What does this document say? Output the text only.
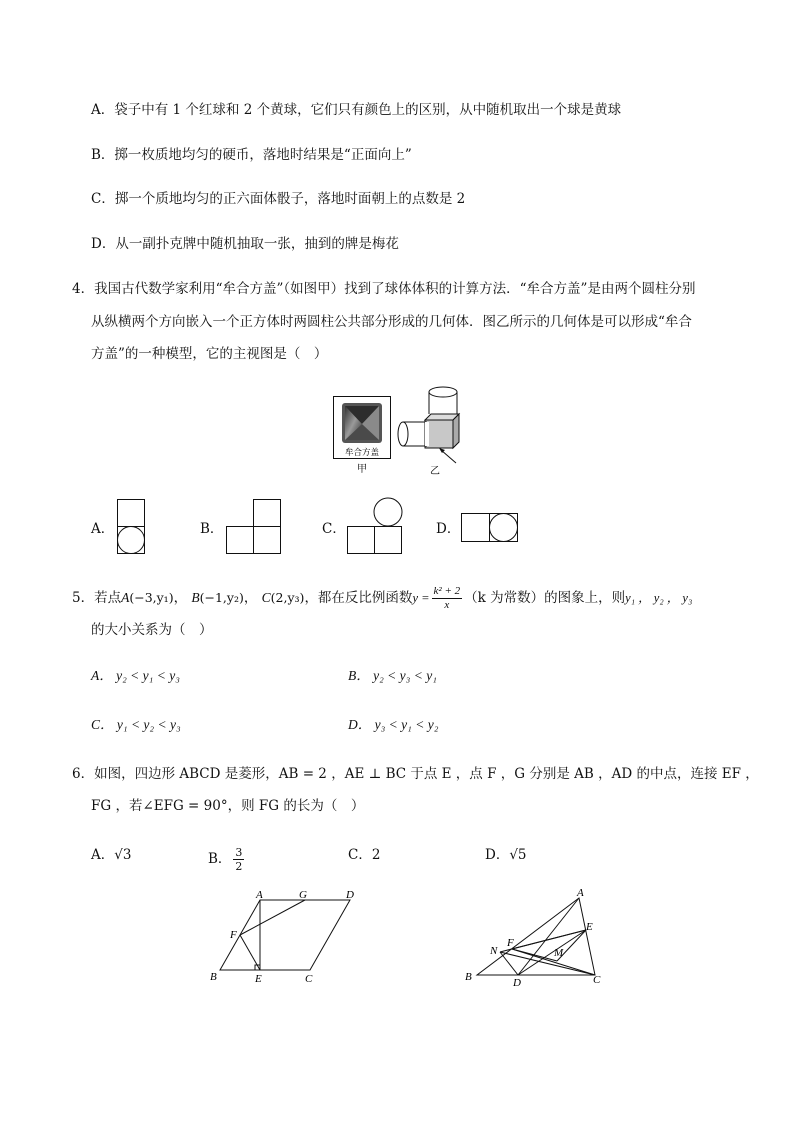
A．袋子中有 1 个红球和 2 个黄球，它们只有颜色上的区别，从中随机取出一个球是黄球
B．掷一枚质地均匀的硬币，落地时结果是“正面向上”
C．掷一个质地均匀的正六面体骰子，落地时面朝上的点数是 2
D．从一副扑克牌中随机抽取一张，抽到的牌是梅花
4．我国古代数学家利用“牟合方盖”（如图甲）找到了球体体积的计算方法．“牟合方盖”是由两个圆柱分别
从纵横两个方向嵌入一个正方体时两圆柱公共部分形成的几何体．图乙所示的几何体是可以形成“牟合
方盖”的一种模型，它的主视图是（　）
牟合方盖
甲	乙
A．	B．	C．	D．
5．若点A(−3,y₁)， B(−1,y₂)， C(2,y₃)，都在反比例函数$y = \frac{\text{k² + 2}}{x} (k$ 为常数）的图象上，则y₁ ， y₂ ， y₃
的大小关系为（　）
A． y₂ < y₁ < y₃	B． y₂ < y₃ < y₁
C． y₁ < y₂ < y₃	D． y₃ < y₁ < y₂
6．如图，四边形 ABCD 是菱形，AB = 2 ，AE ⊥ BC 于点 E ，点 F ，G 分别是 AB ，AD 的中点，连接 EF ，
FG ，若∠EFG = 90°，则 FG 的长为（　）
A．√3	B． $\frac{3}{2}$	C．2	D．√5
A	G	D
F
B	E	C
A
E
N
F
M
B	D	C
